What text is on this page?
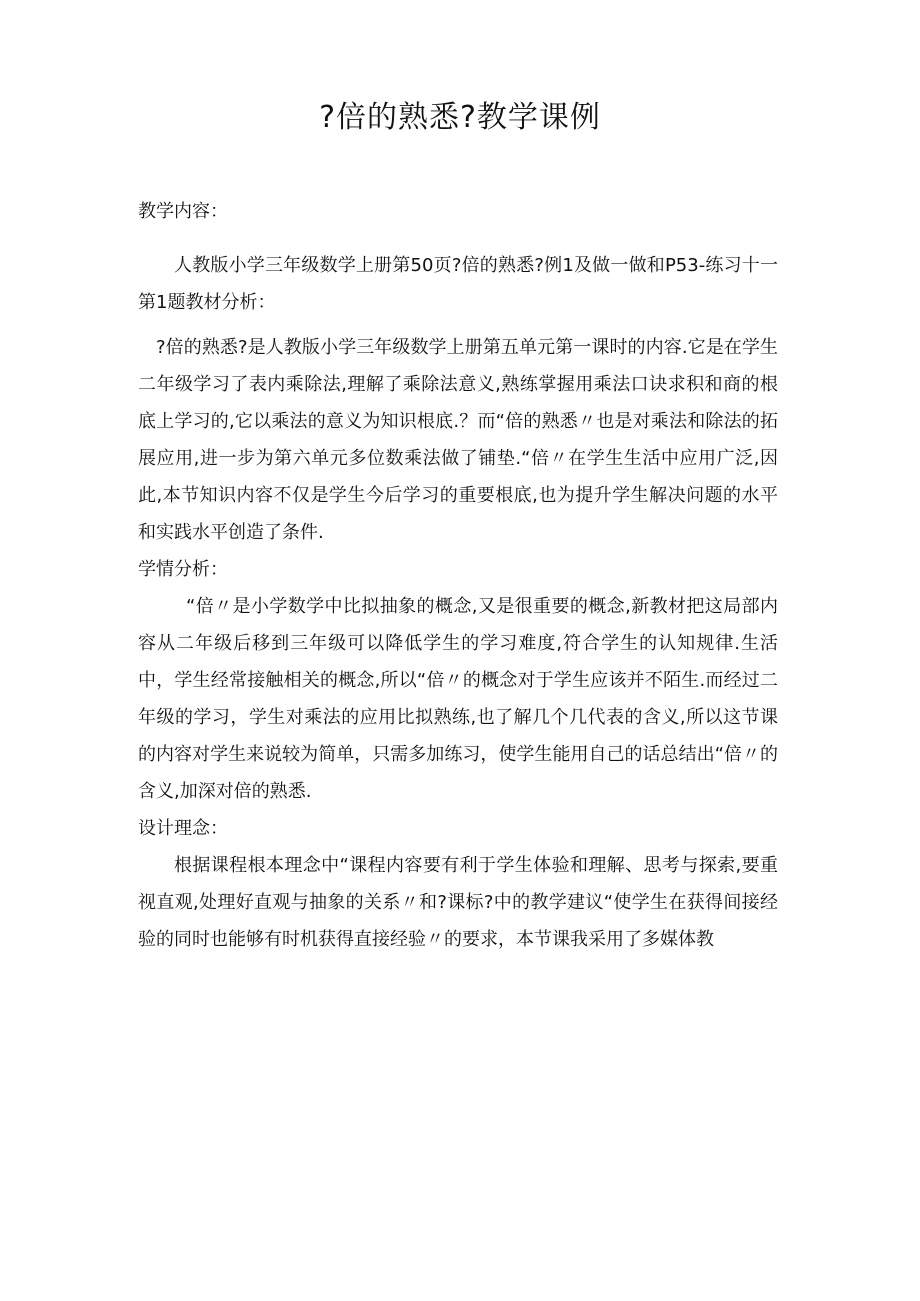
?倍的熟悉?教学课例

教学内容：

人教版小学三年级数学上册第50页?倍的熟悉?例1及做一做和P53-练习十一第1题教材分析：

?倍的熟悉?是人教版小学三年级数学上册第五单元第一课时的内容.它是在学生二年级学习了表内乘除法,理解了乘除法意义,熟练掌握用乘法口诀求积和商的根底上学习的,它以乘法的意义为知识根底.？而“倍的熟悉〃也是对乘法和除法的拓展应用,进一步为第六单元多位数乘法做了铺垫.“倍〃在学生生活中应用广泛,因此,本节知识内容不仅是学生今后学习的重要根底,也为提升学生解决问题的水平和实践水平创造了条件.

学情分析：

“倍〃是小学数学中比拟抽象的概念,又是很重要的概念,新教材把这局部内容从二年级后移到三年级可以降低学生的学习难度,符合学生的认知规律.生活中，学生经常接触相关的概念,所以“倍〃的概念对于学生应该并不陌生.而经过二年级的学习，学生对乘法的应用比拟熟练,也了解几个几代表的含义,所以这节课的内容对学生来说较为简单，只需多加练习，使学生能用自己的话总结出“倍〃的含义,加深对倍的熟悉.

设计理念：

根据课程根本理念中“课程内容要有利于学生体验和理解、思考与探索,要重视直观,处理好直观与抽象的关系〃和?课标?中的教学建议“使学生在获得间接经验的同时也能够有时机获得直接经验〃的要求，本节课我采用了多媒体教
